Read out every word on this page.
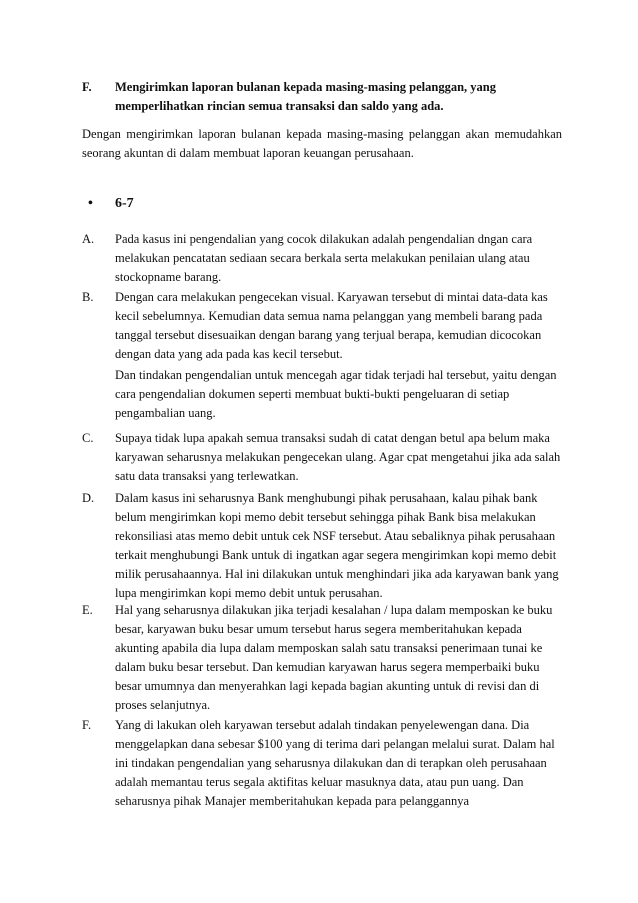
F.	Mengirimkan laporan bulanan kepada masing-masing pelanggan, yang
memperlihatkan rincian semua transaksi dan saldo yang ada.

Dengan mengirimkan laporan bulanan kepada masing-masing pelanggan akan memudahkan seorang akuntan di dalam membuat laporan keuangan perusahaan.

• 6-7
A.	Pada kasus ini pengendalian yang cocok dilakukan adalah pengendalian dngan cara melakukan pencatatan sediaan secara berkala serta melakukan penilaian ulang atau stockopname barang.

B.	Dengan cara melakukan pengecekan visual. Karyawan tersebut di mintai data-data kas kecil sebelumnya. Kemudian data semua nama pelanggan yang membeli barang pada tanggal tersebut disesuaikan dengan barang yang terjual berapa, kemudian dicocokan dengan data yang ada pada kas kecil tersebut.

Dan tindakan pengendalian untuk mencegah agar tidak terjadi hal tersebut, yaitu dengan cara pengendalian dokumen seperti membuat bukti-bukti pengeluaran di setiap pengambalian uang.

C.	Supaya tidak lupa apakah semua transaksi sudah di catat dengan betul apa belum maka karyawan seharusnya melakukan pengecekan ulang. Agar cpat mengetahui jika ada salah satu data transaksi yang terlewatkan.

D.	Dalam kasus ini seharusnya Bank menghubungi pihak perusahaan, kalau pihak bank belum mengirimkan kopi memo debit tersebut sehingga pihak Bank bisa melakukan rekonsiliasi atas memo debit untuk cek NSF tersebut. Atau sebaliknya pihak perusahaan terkait menghubungi Bank untuk di ingatkan agar segera mengirimkan kopi memo debit milik perusahaannya. Hal ini dilakukan untuk menghindari jika ada karyawan bank yang lupa mengirimkan kopi memo debit untuk perusahan.

E.	Hal yang seharusnya dilakukan jika terjadi kesalahan / lupa dalam memposkan ke buku besar, karyawan buku besar umum tersebut harus segera memberitahukan kepada akunting apabila dia lupa dalam memposkan salah satu transaksi penerimaan tunai ke dalam buku besar tersebut. Dan kemudian karyawan harus segera memperbaiki buku besar umumnya dan menyerahkan lagi kepada bagian akunting untuk di revisi dan di proses selanjutnya.

F.	Yang di lakukan oleh karyawan tersebut adalah tindakan penyelewengan dana. Dia menggelapkan dana sebesar $100 yang di terima dari pelangan melalui surat. Dalam hal ini tindakan pengendalian yang seharusnya dilakukan dan di terapkan oleh perusahaan adalah memantau terus segala aktifitas keluar masuknya data, atau pun uang. Dan seharusnya pihak Manajer memberitahukan kepada para pelanggannya
